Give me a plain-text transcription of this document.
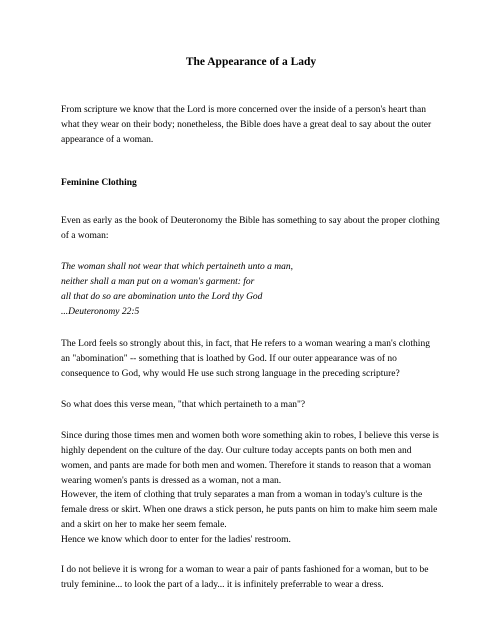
The Appearance of a Lady

From scripture we know that the Lord is more concerned over the inside of a person's heart than what they wear on their body; nonetheless, the Bible does have a great deal to say about the outer appearance of a woman.

Feminine Clothing

Even as early as the book of Deuteronomy the Bible has something to say about the proper clothing of a woman:

The woman shall not wear that which pertaineth unto a man,
neither shall a man put on a woman's garment: for
all that do so are abomination unto the Lord thy God
...Deuteronomy 22:5

The Lord feels so strongly about this, in fact, that He refers to a woman wearing a man's clothing an "abomination" -- something that is loathed by God. If our outer appearance was of no consequence to God, why would He use such strong language in the preceding scripture?

So what does this verse mean, "that which pertaineth to a man"?

Since during those times men and women both wore something akin to robes, I believe this verse is highly dependent on the culture of the day. Our culture today accepts pants on both men and women, and pants are made for both men and women. Therefore it stands to reason that a woman wearing women's pants is dressed as a woman, not a man.

However, the item of clothing that truly separates a man from a woman in today's culture is the female dress or skirt. When one draws a stick person, he puts pants on him to make him seem male and a skirt on her to make her seem female.

Hence we know which door to enter for the ladies' restroom.

I do not believe it is wrong for a woman to wear a pair of pants fashioned for a woman, but to be truly feminine... to look the part of a lady... it is infinitely preferrable to wear a dress.
